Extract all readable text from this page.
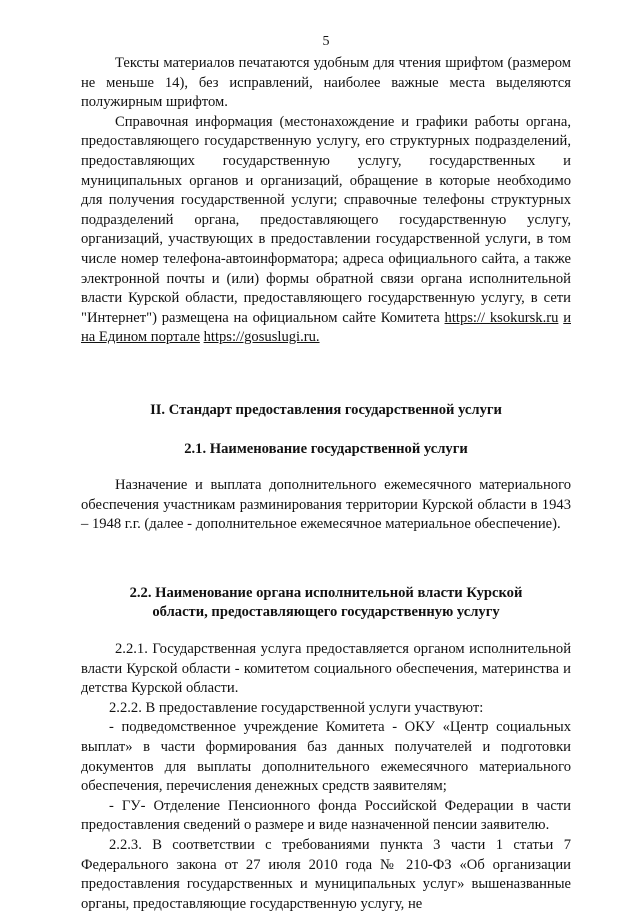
5

Тексты материалов печатаются удобным для чтения шрифтом (размером не меньше 14), без исправлений, наиболее важные места выделяются полужирным шрифтом.

Справочная информация (местонахождение и графики работы органа, предоставляющего государственную услугу, его структурных подразделений, предоставляющих государственную услугу, государственных и муниципальных органов и организаций, обращение в которые необходимо для получения государственной услуги; справочные телефоны структурных подразделений органа, предоставляющего государственную услугу, организаций, участвующих в предоставлении государственной услуги, в том числе номер телефона-автоинформатора; адреса официального сайта, а также электронной почты и (или) формы обратной связи органа исполнительной власти Курской области, предоставляющего государственную услугу, в сети "Интернет") размещена на официальном сайте Комитета https:// ksokursk.ru и на Едином портале https://gosuslugi.ru.

II. Стандарт предоставления государственной услуги

2.1. Наименование государственной услуги

Назначение и выплата дополнительного ежемесячного материального обеспечения участникам разминирования территории Курской области в 1943 – 1948 г.г. (далее - дополнительное ежемесячное материальное обеспечение).

2.2. Наименование органа исполнительной власти Курской
области, предоставляющего государственную услугу

2.2.1. Государственная услуга предоставляется органом исполнительной власти Курской области - комитетом социального обеспечения, материнства и детства Курской области.

2.2.2. В предоставление государственной услуги участвуют:

- подведомственное учреждение Комитета - ОКУ «Центр социальных выплат» в части формирования баз данных получателей и подготовки документов для выплаты дополнительного ежемесячного материального обеспечения, перечисления денежных средств заявителям;

- ГУ- Отделение Пенсионного фонда Российской Федерации в части предоставления сведений о размере и виде назначенной пенсии заявителю.

2.2.3. В соответствии с требованиями пункта 3 части 1 статьи 7 Федерального закона от 27 июля 2010 года № 210-ФЗ «Об организации предоставления государственных и муниципальных услуг» вышеназванные органы, предоставляющие государственную услугу, не
